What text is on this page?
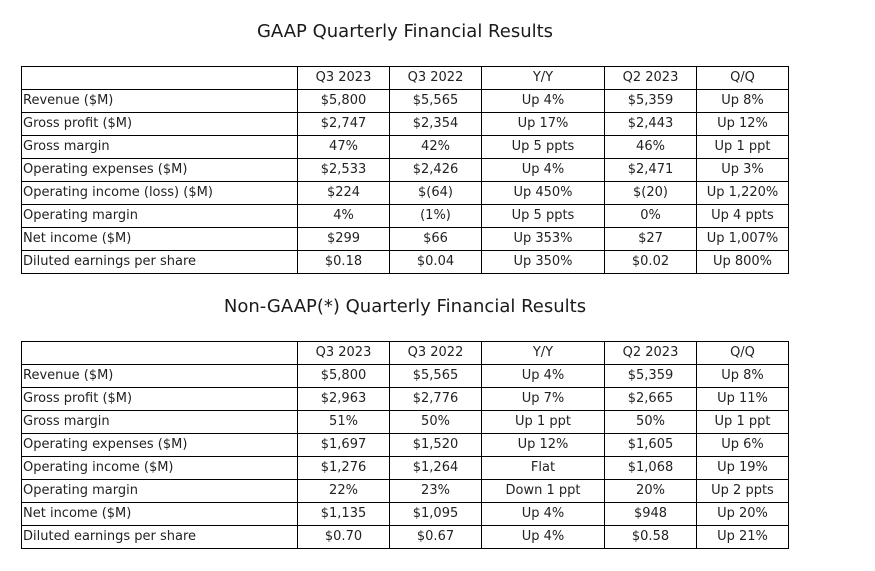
GAAP Quarterly Financial Results
	Q3 2023	Q3 2022	Y/Y	Q2 2023	Q/Q
Revenue ($M)	$5,800	$5,565	Up 4%	$5,359	Up 8%
Gross profit ($M)	$2,747	$2,354	Up 17%	$2,443	Up 12%
Gross margin	47%	42%	Up 5 ppts	46%	Up 1 ppt
Operating expenses ($M)	$2,533	$2,426	Up 4%	$2,471	Up 3%
Operating income (loss) ($M)	$224	$(64)	Up 450%	$(20)	Up 1,220%
Operating margin	4%	(1%)	Up 5 ppts	0%	Up 4 ppts
Net income ($M)	$299	$66	Up 353%	$27	Up 1,007%
Diluted earnings per share	$0.18	$0.04	Up 350%	$0.02	Up 800%
Non-GAAP(*) Quarterly Financial Results
	Q3 2023	Q3 2022	Y/Y	Q2 2023	Q/Q
Revenue ($M)	$5,800	$5,565	Up 4%	$5,359	Up 8%
Gross profit ($M)	$2,963	$2,776	Up 7%	$2,665	Up 11%
Gross margin	51%	50%	Up 1 ppt	50%	Up 1 ppt
Operating expenses ($M)	$1,697	$1,520	Up 12%	$1,605	Up 6%
Operating income ($M)	$1,276	$1,264	Flat	$1,068	Up 19%
Operating margin	22%	23%	Down 1 ppt	20%	Up 2 ppts
Net income ($M)	$1,135	$1,095	Up 4%	$948	Up 20%
Diluted earnings per share	$0.70	$0.67	Up 4%	$0.58	Up 21%
